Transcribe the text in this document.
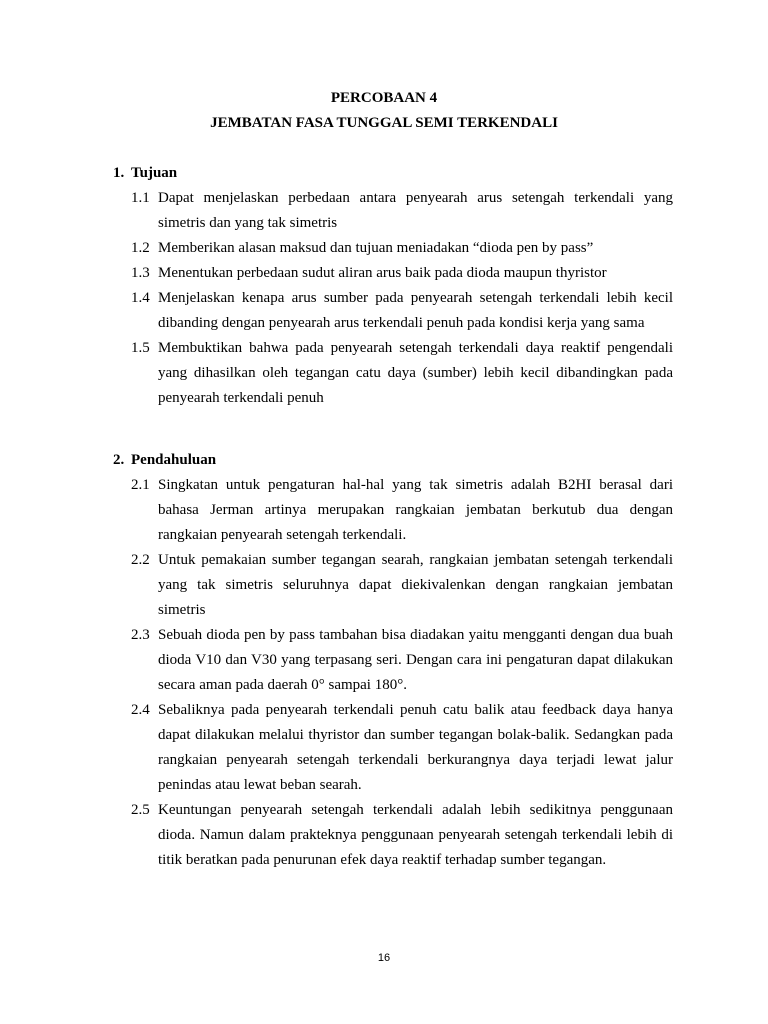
PERCOBAAN 4
JEMBATAN FASA TUNGGAL SEMI TERKENDALI
1. Tujuan
1.1 Dapat menjelaskan perbedaan antara penyearah arus setengah terkendali yang simetris dan yang tak simetris
1.2 Memberikan alasan maksud dan tujuan meniadakan “dioda pen by pass”
1.3 Menentukan perbedaan sudut aliran arus baik pada dioda maupun thyristor
1.4 Menjelaskan kenapa arus sumber pada penyearah setengah terkendali lebih kecil dibanding dengan penyearah arus terkendali penuh pada kondisi kerja yang sama
1.5 Membuktikan bahwa pada penyearah setengah terkendali daya reaktif pengendali yang dihasilkan oleh tegangan catu daya (sumber) lebih kecil dibandingkan pada penyearah terkendali penuh
2. Pendahuluan
2.1 Singkatan untuk pengaturan hal-hal yang tak simetris adalah B2HI berasal dari bahasa Jerman artinya merupakan rangkaian jembatan berkutub dua dengan rangkaian penyearah setengah terkendali.
2.2 Untuk pemakaian sumber tegangan searah, rangkaian jembatan setengah terkendali yang tak simetris seluruhnya dapat diekivalenkan dengan rangkaian jembatan simetris
2.3 Sebuah dioda pen by pass tambahan bisa diadakan yaitu mengganti dengan dua buah dioda V10 dan V30 yang terpasang seri. Dengan cara ini pengaturan dapat dilakukan secara aman pada daerah 0° sampai 180°.
2.4 Sebaliknya pada penyearah terkendali penuh catu balik atau feedback daya hanya dapat dilakukan melalui thyristor dan sumber tegangan bolak-balik. Sedangkan pada rangkaian penyearah setengah terkendali berkurangnya daya terjadi lewat jalur penindas atau lewat beban searah.
2.5 Keuntungan penyearah setengah terkendali adalah lebih sedikitnya penggunaan dioda. Namun dalam prakteknya penggunaan penyearah setengah terkendali lebih di titik beratkan pada penurunan efek daya reaktif terhadap sumber tegangan.
16
